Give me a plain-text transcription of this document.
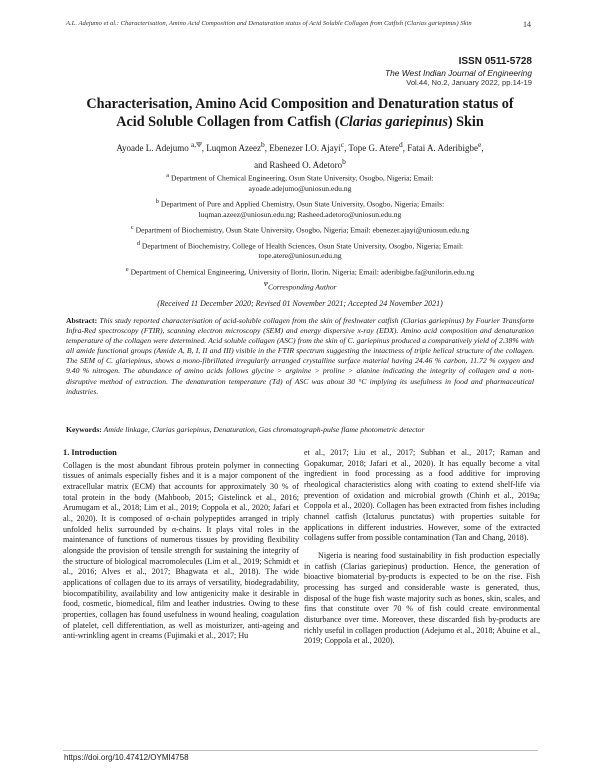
A.L. Adejumo et al.: Characterisation, Amino Acid Composition and Denaturation status of Acid Soluble Collagen from Catfish (Clarias gariepinus) Skin	14
ISSN 0511-5728
The West Indian Journal of Engineering
Vol.44, No.2, January 2022, pp.14-19
Characterisation, Amino Acid Composition and Denaturation status of
Acid Soluble Collagen from Catfish (Clarias gariepinus) Skin
Ayoade L. Adejumo $^{a,\Psi}$, Luqmon Azeez$^b$, Ebenezer I.O. Ajayi$^c$, Tope G. Atere$^d$, Fatai A. Aderibigbe$^e$,
and Rasheed O. Adetoro$^b$
$^a$ Department of Chemical Engineering, Osun State University, Osogbo, Nigeria; Email:
ayoade.adejumo@uniosun.edu.ng
$^b$ Department of Pure and Applied Chemistry, Osun State University, Osogbo, Nigeria; Emails:
luqman.azeez@uniosun.edu.ng; Rasheed.adetoro@uniosun.edu.ng
$^c$ Department of Biochemistry, Osun State University, Osogbo, Nigeria; Email: ebenezer.ajayi@uniosun.edu.ng
$^d$ Department of Biochemistry, College of Health Sciences, Osun State University, Osogbo, Nigeria; Email:
tope.atere@uniosun.edu.ng
$^e$ Department of Chemical Engineering, University of Ilorin, Ilorin, Nigeria; Email: aderibigbe.fa@unilorin.edu.ng
$^\Psi$Corresponding Author
(Received 11 December 2020; Revised 01 November 2021; Accepted 24 November 2021)
Abstract: This study reported characterisation of acid-soluble collagen from the skin of freshwater catfish (Clarias gariepinus) by Fourier Transform Infra-Red spectroscopy (FTIR), scanning electron microscopy (SEM) and energy dispersive x-ray (EDX). Amino acid composition and denaturation temperature of the collagen were determined. Acid soluble collagen (ASC) from the skin of C. gariepinus produced a comparatively yield of 2.38% with all amide functional groups (Amide A, B, I, II and III) visible in the FTIR spectrum suggesting the intactness of triple helical structure of the collagen. The SEM of C. glariepinus, shows a mono-fibrillated irregularly arranged crystalline surface material having 24.46 % carbon, 11.72 % oxygen and 9.40 % nitrogen. The abundance of amino acids follows glycine > arginine > proline > alanine indicating the integrity of collagen and a non-disruptive method of extraction. The denaturation temperature (Td) of ASC was about 30 °C implying its usefulness in food and pharmaceutical industries.
Keywords: Amide linkage, Clarias gariepinus, Denaturation, Gas chromatograph-pulse flame photometric detector
1. Introduction

Collagen is the most abundant fibrous protein polymer in connecting tissues of animals especially fishes and it is a major component of the extracellular matrix (ECM) that accounts for approximately 30 % of total protein in the body (Mahboob, 2015; Gistelinck et al., 2016; Arumugam et al., 2018; Lim et al., 2019; Coppola et al., 2020; Jafari et al., 2020). It is composed of α-chain polypeptides arranged in triply unfolded helix surrounded by α-chains. It plays vital roles in the maintenance of functions of numerous tissues by providing flexibility alongside the provision of tensile strength for sustaining the integrity of the structure of biological macromolecules (Lim et al., 2019; Schmidt et al., 2016; Alves et al., 2017; Bhagwata et al., 2018). The wide applications of collagen due to its arrays of versatility, biodegradability, biocompatibility, availability and low antigenicity make it desirable in food, cosmetic, biomedical, film and leather industries. Owing to these properties, collagen has found usefulness in wound healing, coagulation of platelet, cell differentiation, as well as moisturizer, anti-ageing and anti-wrinkling agent in creams (Fujimaki et al., 2017; Hu

et al., 2017; Liu et al., 2017; Subhan et al., 2017; Raman and Gopakumar, 2018; Jafari et al., 2020). It has equally become a vital ingredient in food processing as a food additive for improving rheological characteristics along with coating to extend shelf-life via prevention of oxidation and microbial growth (Chinh et al., 2019a; Coppola et al., 2020). Collagen has been extracted from fishes including channel catfish (Ictalurus punctatus) with properties suitable for applications in different industries. However, some of the extracted collagens suffer from possible contamination (Tan and Chang, 2018).

Nigeria is nearing food sustainability in fish production especially in catfish (Clarias gariepinus) production. Hence, the generation of bioactive biomaterial by-products is expected to be on the rise. Fish processing has surged and considerable waste is generated, thus, disposal of the huge fish waste majority such as bones, skin, scales, and fins that constitute over 70 % of fish could create environmental disturbance over time. Moreover, these discarded fish by-products are richly useful in collagen production (Adejumo et al., 2018; Abuine et al., 2019; Coppola et al., 2020).

https://doi.org/10.47412/OYMI4758
